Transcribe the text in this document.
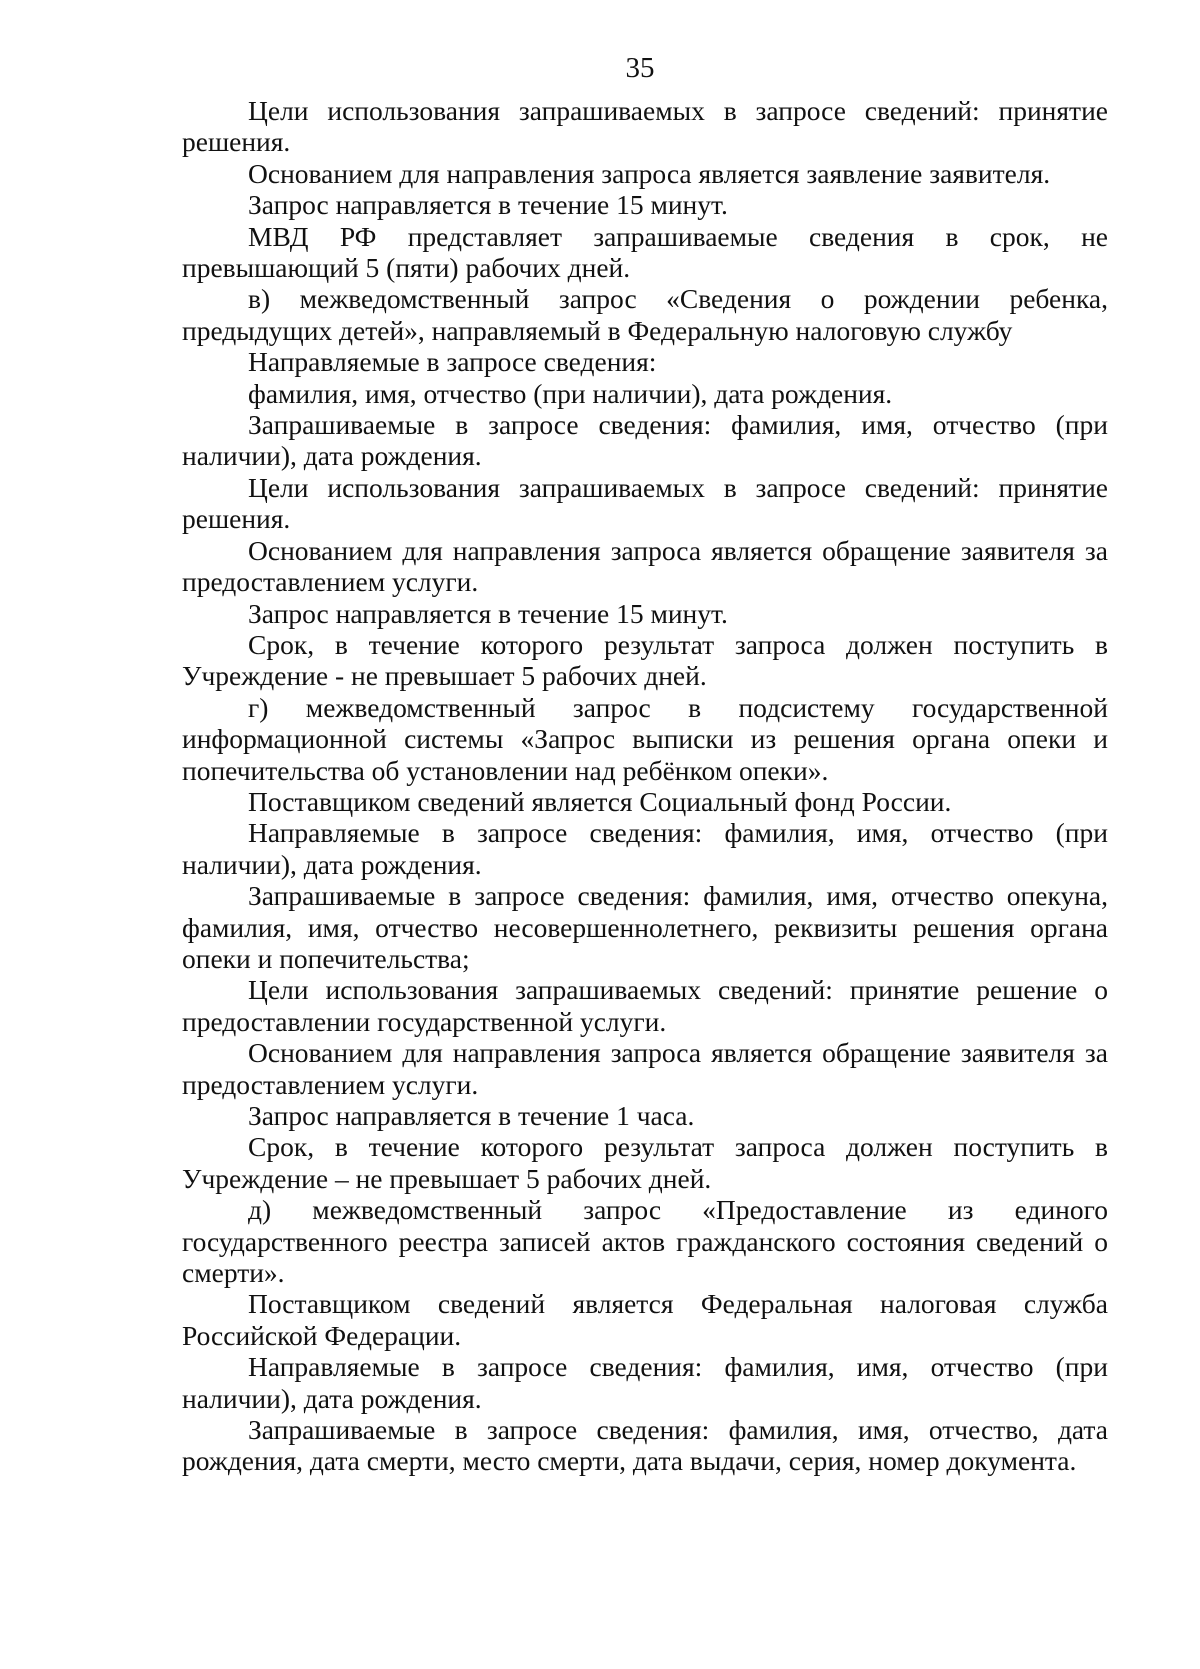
35

Цели использования запрашиваемых в запросе сведений: принятие решения.

Основанием для направления запроса является заявление заявителя.

Запрос направляется в течение 15 минут.

МВД РФ представляет запрашиваемые сведения в срок, не превышающий 5 (пяти) рабочих дней.

в) межведомственный запрос «Сведения о рождении ребенка, предыдущих детей», направляемый в Федеральную налоговую службу

Направляемые в запросе сведения:

фамилия, имя, отчество (при наличии), дата рождения.

Запрашиваемые в запросе сведения: фамилия, имя, отчество (при наличии), дата рождения.

Цели использования запрашиваемых в запросе сведений: принятие решения.

Основанием для направления запроса является обращение заявителя за предоставлением услуги.

Запрос направляется в течение 15 минут.

Срок, в течение которого результат запроса должен поступить в Учреждение - не превышает 5 рабочих дней.

г) межведомственный запрос в подсистему государственной информационной системы «Запрос выписки из решения органа опеки и попечительства об установлении над ребёнком опеки».

Поставщиком сведений является Социальный фонд России.

Направляемые в запросе сведения: фамилия, имя, отчество (при наличии), дата рождения.

Запрашиваемые в запросе сведения: фамилия, имя, отчество опекуна, фамилия, имя, отчество несовершеннолетнего, реквизиты решения органа опеки и попечительства;

Цели использования запрашиваемых сведений: принятие решение о предоставлении государственной услуги.

Основанием для направления запроса является обращение заявителя за предоставлением услуги.

Запрос направляется в течение 1 часа.

Срок, в течение которого результат запроса должен поступить в Учреждение – не превышает 5 рабочих дней.

д) межведомственный запрос «Предоставление из единого государственного реестра записей актов гражданского состояния сведений о смерти».

Поставщиком сведений является Федеральная налоговая служба Российской Федерации.

Направляемые в запросе сведения: фамилия, имя, отчество (при наличии), дата рождения.

Запрашиваемые в запросе сведения: фамилия, имя, отчество, дата рождения, дата смерти, место смерти, дата выдачи, серия, номер документа.
